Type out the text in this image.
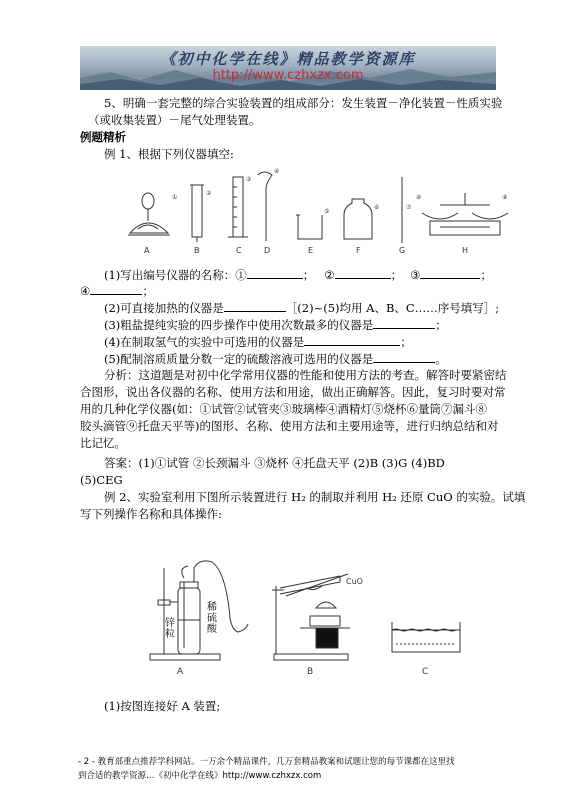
《初中化学在线》精品教学资源库
http://www.czhxzx.com
5、明确一套完整的综合实验装置的组成部分：发生装置－净化装置－性质实验
（或收集装置）－尾气处理装置。
例题精析
例 1、根据下列仪器填空:
①
②
③
④
⑤
⑥	⑦
⑧	⑨
A	B	C	D	E	F	G	H
(1)写出编号仪器的名称：①	； ②	； ③	；
④	；
(2)可直接加热的仪器是	［(2)~(5)均用 A、B、C……序号填写］;
(3)粗盐提纯实验的四步操作中使用次数最多的仪器是	；
(4)在制取氢气的实验中可选用的仪器是	；
(5)配制溶质质量分数一定的硫酸溶液可选用的仪器是	。
分析：这道题是对初中化学常用仪器的性能和使用方法的考查。解答时要紧密结
合图形，说出各仪器的名称、使用方法和用途，做出正确解答。因此，复习时要对常
用的几种化学仪器(如：①试管②试管夹③玻璃棒④酒精灯⑤烧杯⑥量筒⑦漏斗⑧
胶头滴管⑨托盘天平等)的图形、名称、使用方法和主要用途等，进行归纳总结和对
比记忆。
答案：(1)①试管 ②长颈漏斗 ③烧杯 ④托盘天平 (2)B (3)G (4)BD
(5)CEG
例 2、实验室利用下图所示装置进行 H₂ 的制取并利用 H₂ 还原 CuO 的实验。试填
写下列操作名称和具体操作:
CuO
A	B	C
锌粒
稀硫酸
(1)按图连接好 A 装置;
- 2 - 教育部重点推荐学科网站。一万余个精品课件，几万套精品教案和试题让您的每节课都在这里找
到合适的教学资源…《初中化学在线》http://www.czhxzx.com
